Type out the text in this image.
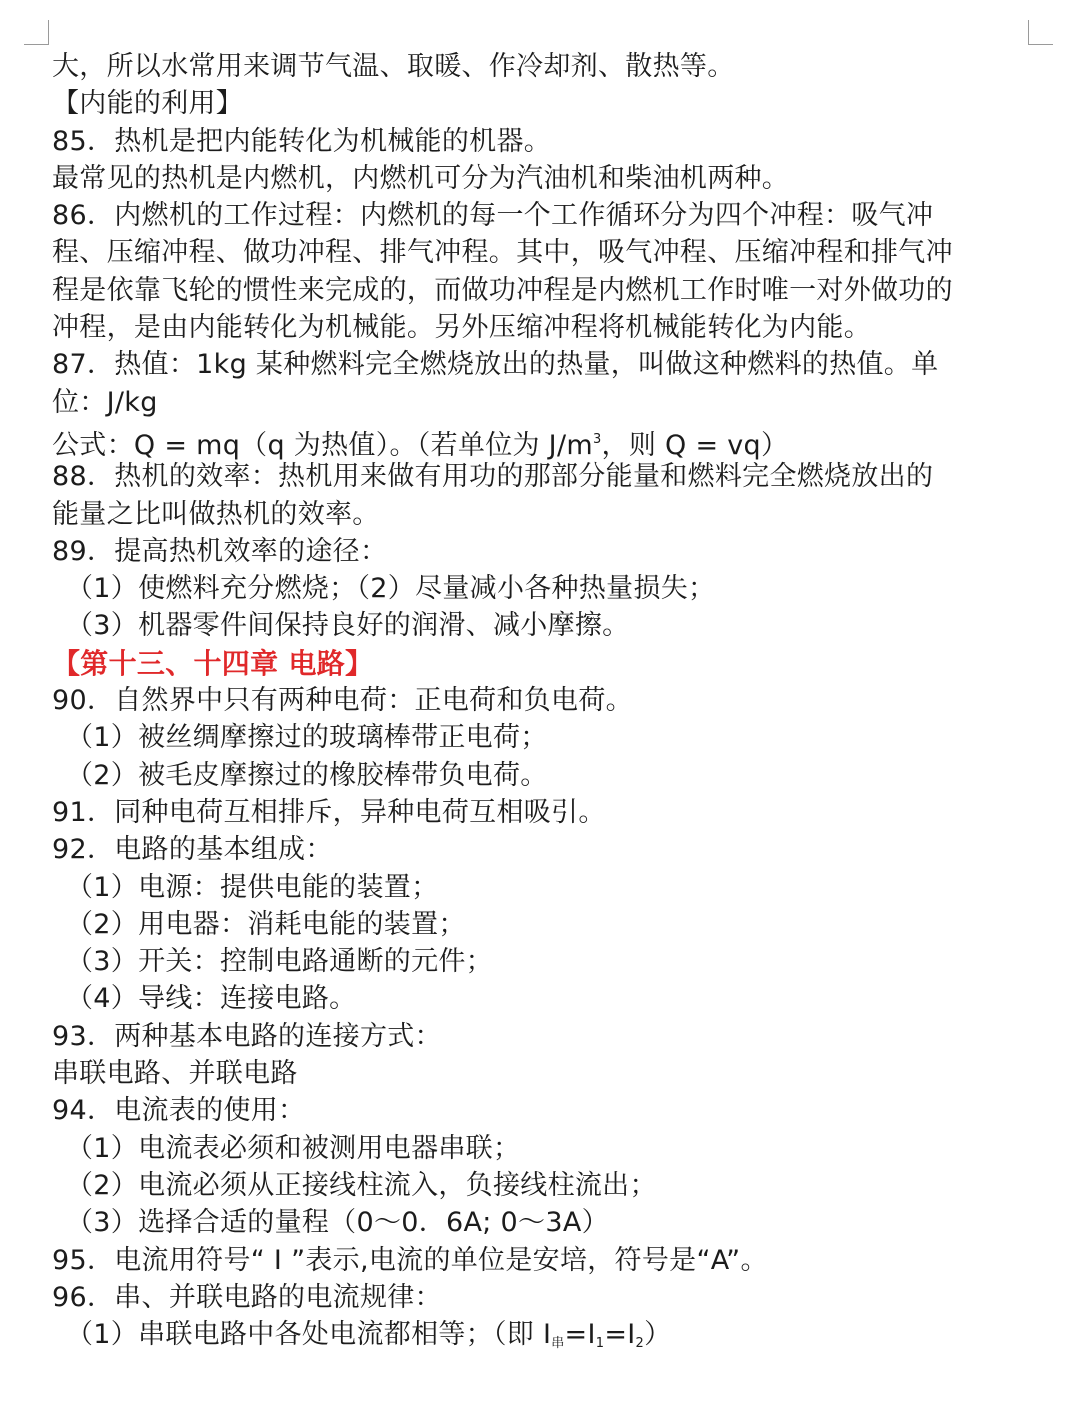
大，所以水常用来调节气温、取暖、作冷却剂、散热等。
【内能的利用】
85．热机是把内能转化为机械能的机器。
最常见的热机是内燃机，内燃机可分为汽油机和柴油机两种。
86．内燃机的工作过程：内燃机的每一个工作循环分为四个冲程：吸气冲
程、压缩冲程、做功冲程、排气冲程。其中，吸气冲程、压缩冲程和排气冲
程是依靠飞轮的惯性来完成的，而做功冲程是内燃机工作时唯一对外做功的
冲程，是由内能转化为机械能。另外压缩冲程将机械能转化为内能。
87．热值：1kg 某种燃料完全燃烧放出的热量，叫做这种燃料的热值。单
位：J/kg
公式：Q = mq（q 为热值）。（若单位为 $J/m^3$，则 Q = vq）
88．热机的效率：热机用来做有用功的那部分能量和燃料完全燃烧放出的
能量之比叫做热机的效率。
89．提高热机效率的途径：
（1）使燃料充分燃烧；（2）尽量减小各种热量损失；
（3）机器零件间保持良好的润滑、减小摩擦。
【第十三、十四章 电路】
90．自然界中只有两种电荷：正电荷和负电荷。
（1）被丝绸摩擦过的玻璃棒带正电荷；
（2）被毛皮摩擦过的橡胶棒带负电荷。
91．同种电荷互相排斥，异种电荷互相吸引。
92．电路的基本组成：
（1）电源：提供电能的装置；
（2）用电器：消耗电能的装置；
（3）开关：控制电路通断的元件；
（4）导线：连接电路。
93．两种基本电路的连接方式：
串联电路、并联电路
94．电流表的使用：
（1）电流表必须和被测用电器串联；
（2）电流必须从正接线柱流入，负接线柱流出；
（3）选择合适的量程（0～0．6A; 0～3A）
95．电流用符号“ I ”表示,电流的单位是安培，符号是“A”。
96．串、并联电路的电流规律：
（1）串联电路中各处电流都相等；（即 $I_串=I_1=I_2$）
